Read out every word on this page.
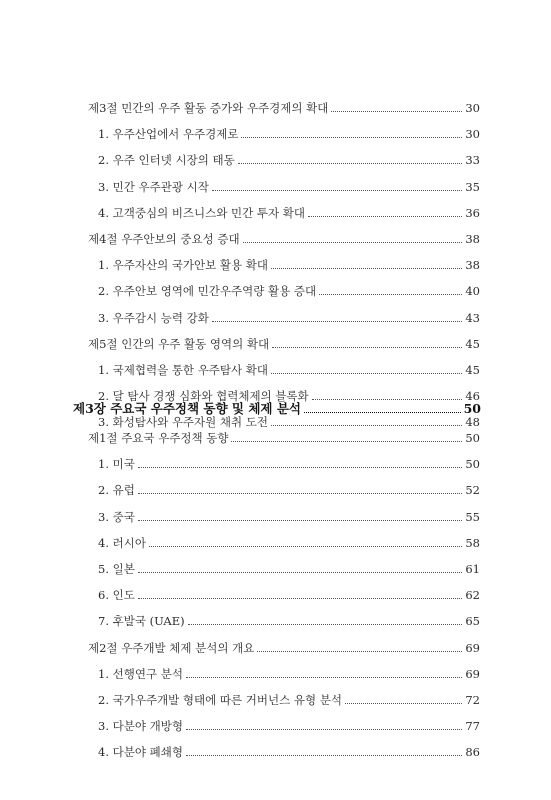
제3절 민간의 우주 활동 증가와 우주경제의 확대	30
1. 우주산업에서 우주경제로	30
2. 우주 인터넷 시장의 태동	33
3. 민간 우주관광 시작	35
4. 고객중심의 비즈니스와 민간 투자 확대	36
제4절 우주안보의 중요성 증대	38
1. 우주자산의 국가안보 활용 확대	38
2. 우주안보 영역에 민간우주역량 활용 증대	40
3. 우주감시 능력 강화	43
제5절 인간의 우주 활동 영역의 확대	45
1. 국제협력을 통한 우주탐사 확대	45
2. 달 탐사 경쟁 심화와 협력체제의 블록화	46
3. 화성탐사와 우주자원 채취 도전	48
제3장 주요국 우주정책 동향 및 체제 분석	50
제1절 주요국 우주정책 동향	50
1. 미국	50
2. 유럽	52
3. 중국	55
4. 러시아	58
5. 일본	61
6. 인도	62
7. 후발국 (UAE)	65
제2절 우주개발 체제 분석의 개요	69
1. 선행연구 분석	69
2. 국가우주개발 형태에 따른 거버넌스 유형 분석	72
3. 다분야 개방형	77
4. 다분야 폐쇄형	86
